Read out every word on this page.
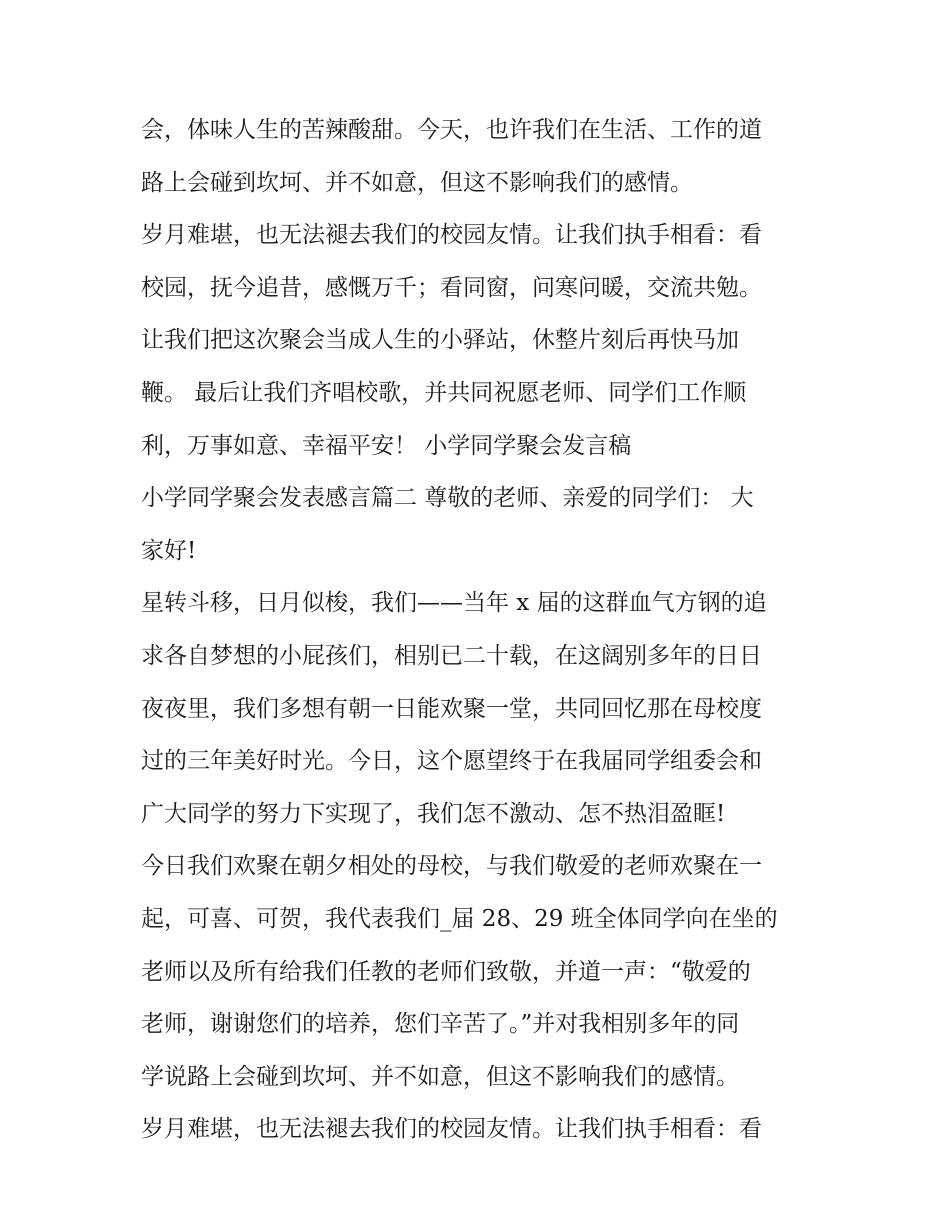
会，体味人生的苦辣酸甜。今天，也许我们在生活、工作的道
路上会碰到坎坷、并不如意，但这不影响我们的感情。
岁月难堪，也无法褪去我们的校园友情。让我们执手相看：看
校园，抚今追昔，感慨万千；看同窗，问寒问暖，交流共勉。
让我们把这次聚会当成人生的小驿站，休整片刻后再快马加
鞭。 最后让我们齐唱校歌，并共同祝愿老师、同学们工作顺
利，万事如意、幸福平安！ 小学同学聚会发言稿
小学同学聚会发表感言篇二 尊敬的老师、亲爱的同学们： 大
家好!
星转斗移，日月似梭，我们——当年 x 届的这群血气方钢的追
求各自梦想的小屁孩们，相别已二十载，在这阔别多年的日日
夜夜里，我们多想有朝一日能欢聚一堂，共同回忆那在母校度
过的三年美好时光。今日，这个愿望终于在我届同学组委会和
广大同学的努力下实现了，我们怎不激动、怎不热泪盈眶!
今日我们欢聚在朝夕相处的母校，与我们敬爱的老师欢聚在一
起，可喜、可贺，我代表我们_届 28、29 班全体同学向在坐的
老师以及所有给我们任教的老师们致敬，并道一声：“敬爱的
老师，谢谢您们的培养，您们辛苦了。”并对我相别多年的同
学说路上会碰到坎坷、并不如意，但这不影响我们的感情。
岁月难堪，也无法褪去我们的校园友情。让我们执手相看：看
